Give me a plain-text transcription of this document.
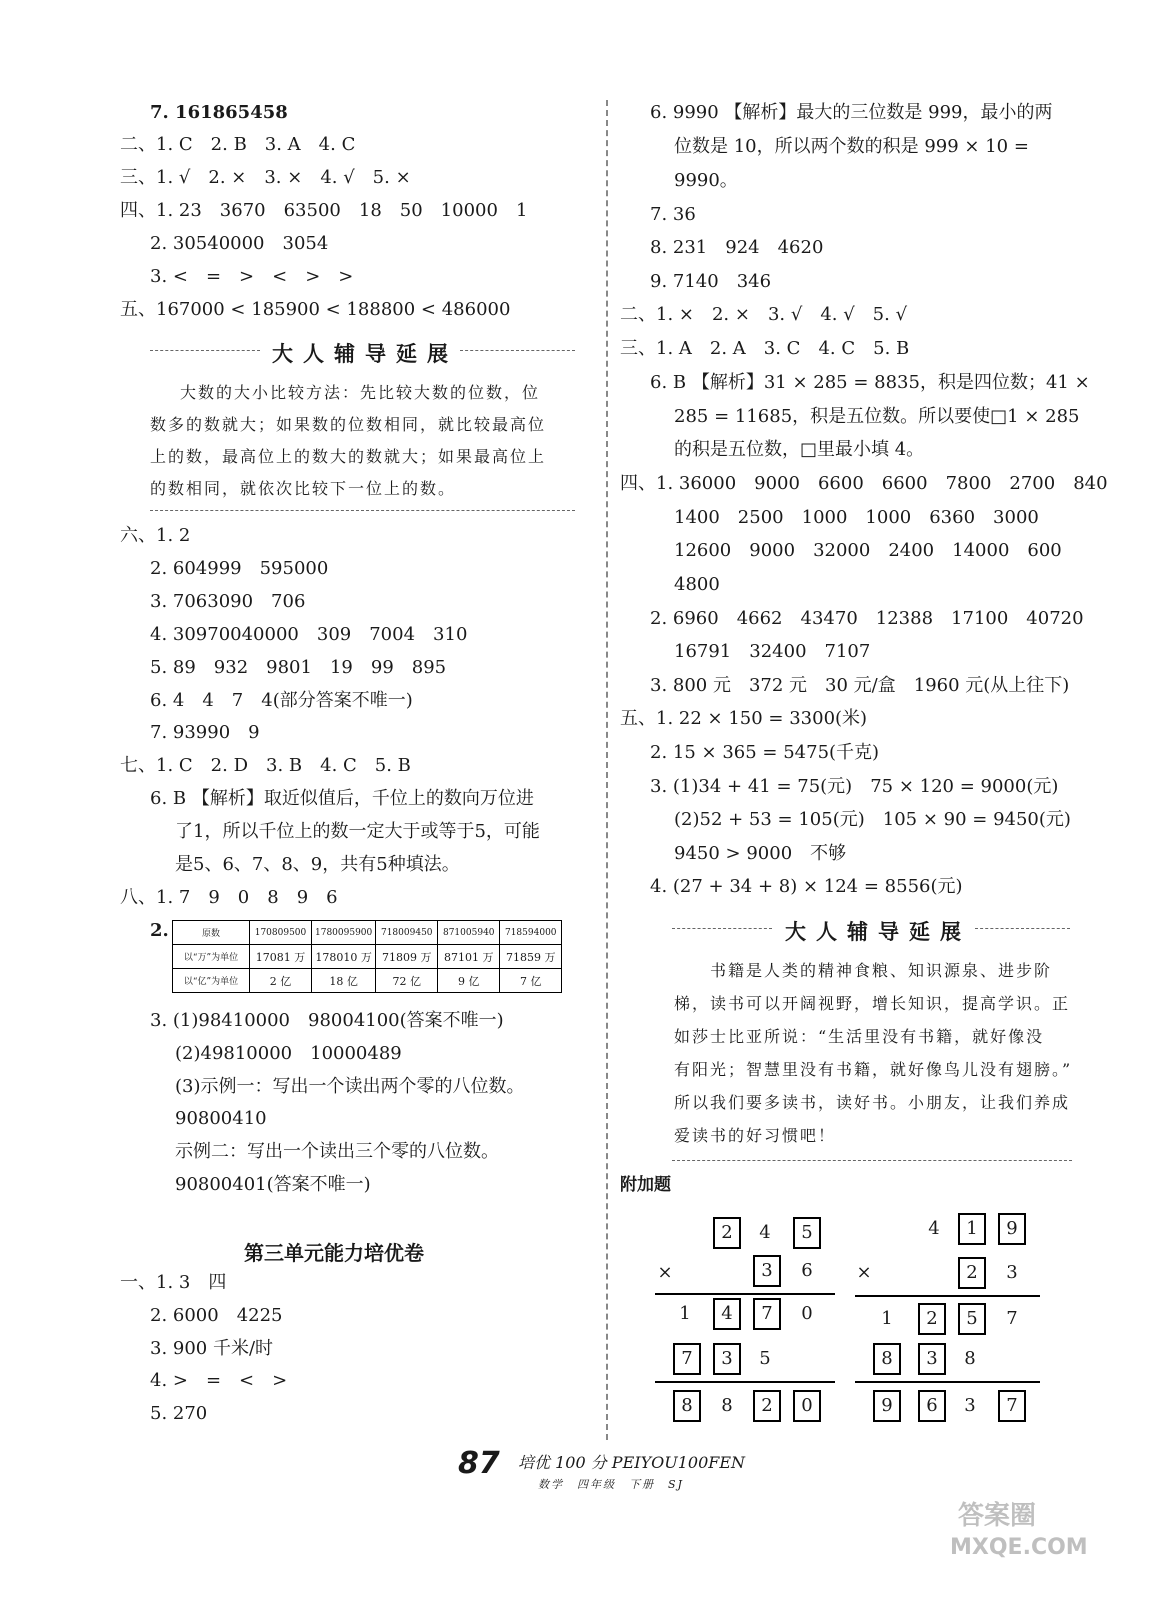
7. 161865458
二、1. C　2. B　3. A　4. C
三、1. √　2. ×　3. ×　4. √　5. ×
四、1. 23　3670　63500　18　50　10000　1
2. 30540000　3054
3. <　=　>　<　>　>
五、167000 < 185900 < 188800 < 486000
大人辅导延展
大数的大小比较方法：先比较大数的位数，位
数多的数就大；如果数的位数相同，就比较最高位
上的数，最高位上的数大的数就大；如果最高位上
的数相同，就依次比较下一位上的数。
六、1. 2
2. 604999　595000
3. 7063090　706
4. 30970040000　309　7004　310
5. 89　932　9801　19　99　895
6. 4　4　7　4(部分答案不唯一)
7. 93990　9
七、1. C　2. D　3. B　4. C　5. B
6. B 【解析】取近似值后，千位上的数向万位进
了1，所以千位上的数一定大于或等于5，可能
是5、6、7、8、9，共有5种填法。
八、1. 7　9　0　8　9　6
2.	原数	170809500	1780095900	718009450	871005940	718594000
以“万”为单位	17081 万	178010 万	71809 万	87101 万	71859 万
以“亿”为单位	2 亿	18 亿	72 亿	9 亿	7 亿
3. (1)98410000　98004100(答案不唯一)
(2)49810000　10000489
(3)示例一：写出一个读出两个零的八位数。
90800410
示例二：写出一个读出三个零的八位数。
90800401(答案不唯一)
第三单元能力培优卷
一、1. 3　四
2. 6000　4225
3. 900 千米/时
4. >　=　<　>
5. 270
6. 9990 【解析】最大的三位数是 999，最小的两
位数是 10，所以两个数的积是 999 × 10 =
9990。
7. 36
8. 231　924　4620
9. 7140　346
二、1. ×　2. ×　3. √　4. √　5. √
三、1. A　2. A　3. C　4. C　5. B
6. B 【解析】31 × 285 = 8835，积是四位数；41 ×
285 = 11685，积是五位数。所以要使□1 × 285
的积是五位数，□里最小填 4。
四、1. 36000　9000　6600　6600　7800　2700　840
1400　2500　1000　1000　6360　3000
12600　9000　32000　2400　14000　600
4800
2. 6960　4662　43470　12388　17100　40720
16791　32400　7107
3. 800 元　372 元　30 元/盒　1960 元(从上往下)
五、1. 22 × 150 = 3300(米)
2. 15 × 365 = 5475(千克)
3. (1)34 + 41 = 75(元)　75 × 120 = 9000(元)
(2)52 + 53 = 105(元)　105 × 90 = 9450(元)
9450 > 9000　不够
4. (27 + 34 + 8) × 124 = 8556(元)
大人辅导延展
书籍是人类的精神食粮、知识源泉、进步阶
梯，读书可以开阔视野，增长知识，提高学识。正
如莎士比亚所说：“生活里没有书籍，就好像没
有阳光；智慧里没有书籍，就好像鸟儿没有翅膀。”
所以我们要多读书，读好书。小朋友，让我们养成
爱读书的好习惯吧！
附加题
2	4	5
×	3	6
1	4	7	0
7	3	5
8	8	2	0
4	1	9
×	2	3
1	2	5	7
8	3	8
9	6	3	7
87 培优 100 分 PEIYOU100FEN
数学　四年级　下册　SJ
答案圈
MXQE.COM
